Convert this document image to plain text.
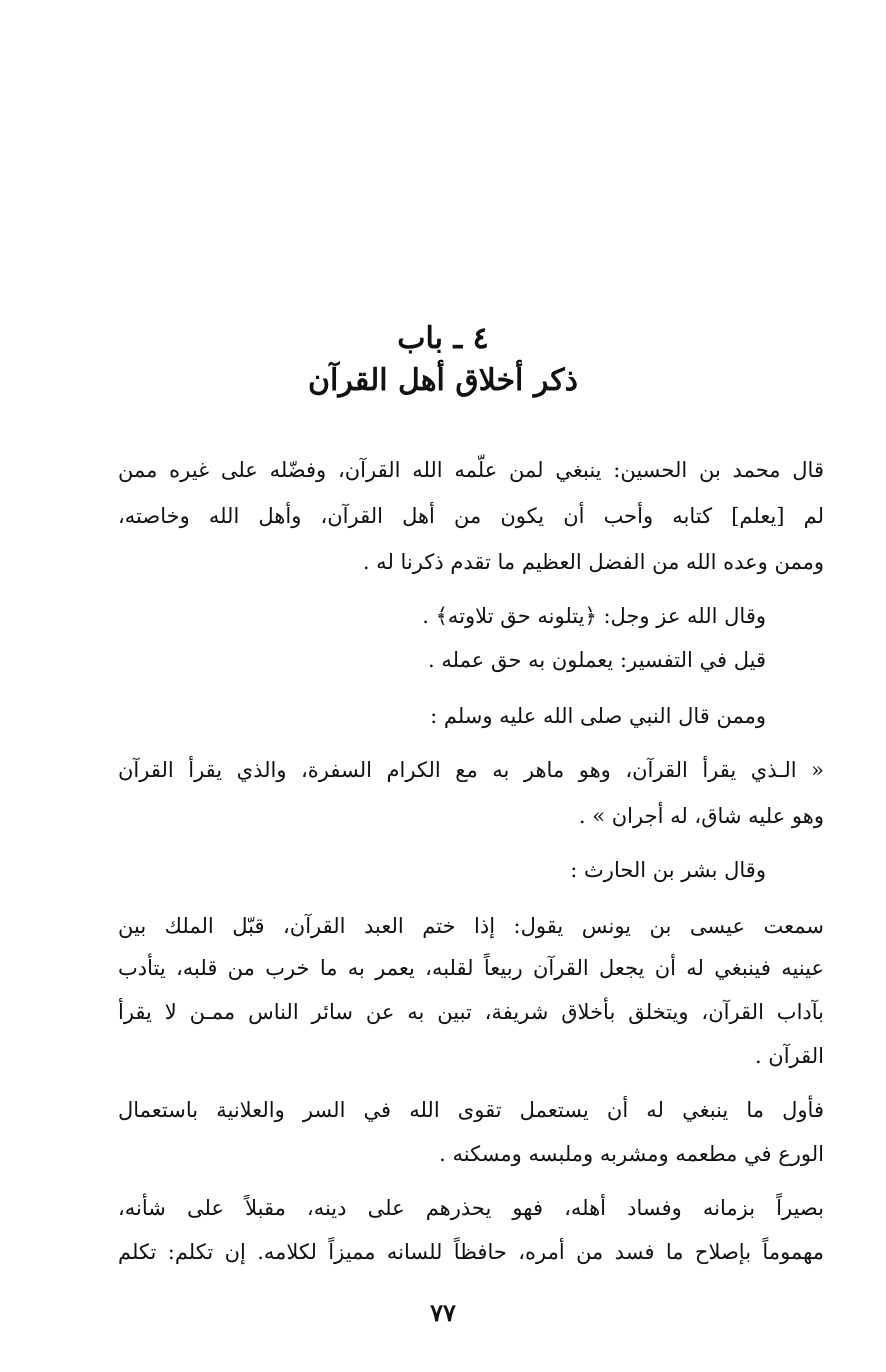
٤ ـ باب
ذكر أخلاق أهل القرآن
قال محمد بن الحسين: ينبغي لمن علّمه الله القرآن، وفضّله على غيره ممن
لم [يعلم] كتابه وأحب أن يكون من أهل القرآن، وأهل الله وخاصته،
وممن وعده الله من الفضل العظيم ما تقدم ذكرنا له .
وقال الله عز وجل: ﴿يتلونه حق تلاوته﴾ .
قيل في التفسير: يعملون به حق عمله .
وممن قال النبي صلى الله عليه وسلم :
« الـذي يقرأ القرآن، وهو ماهر به مع الكرام السفرة، والذي يقرأ القرآن
وهو عليه شاق، له أجران » .
وقال بشر بن الحارث :
سمعت عيسى بن يونس يقول: إذا ختم العبد القرآن، قبّل الملك بين
عينيه فينبغي له أن يجعل القرآن ربيعاً لقلبه، يعمر به ما خرب من قلبه، يتأدب
بآداب القرآن، ويتخلق بأخلاق شريفة، تبين به عن سائر الناس ممـن لا يقرأ
القرآن .
فأول ما ينبغي له أن يستعمل تقوى الله في السر والعلانية باستعمال
الورع في مطعمه ومشربه وملبسه ومسكنه .
بصيراً بزمانه وفساد أهله، فهو يحذرهم على دينه، مقبلاً على شأنه،
مهموماً بإصلاح ما فسد من أمره، حافظاً للسانه مميزاً لكلامه. إن تكلم: تكلم
٧٧
